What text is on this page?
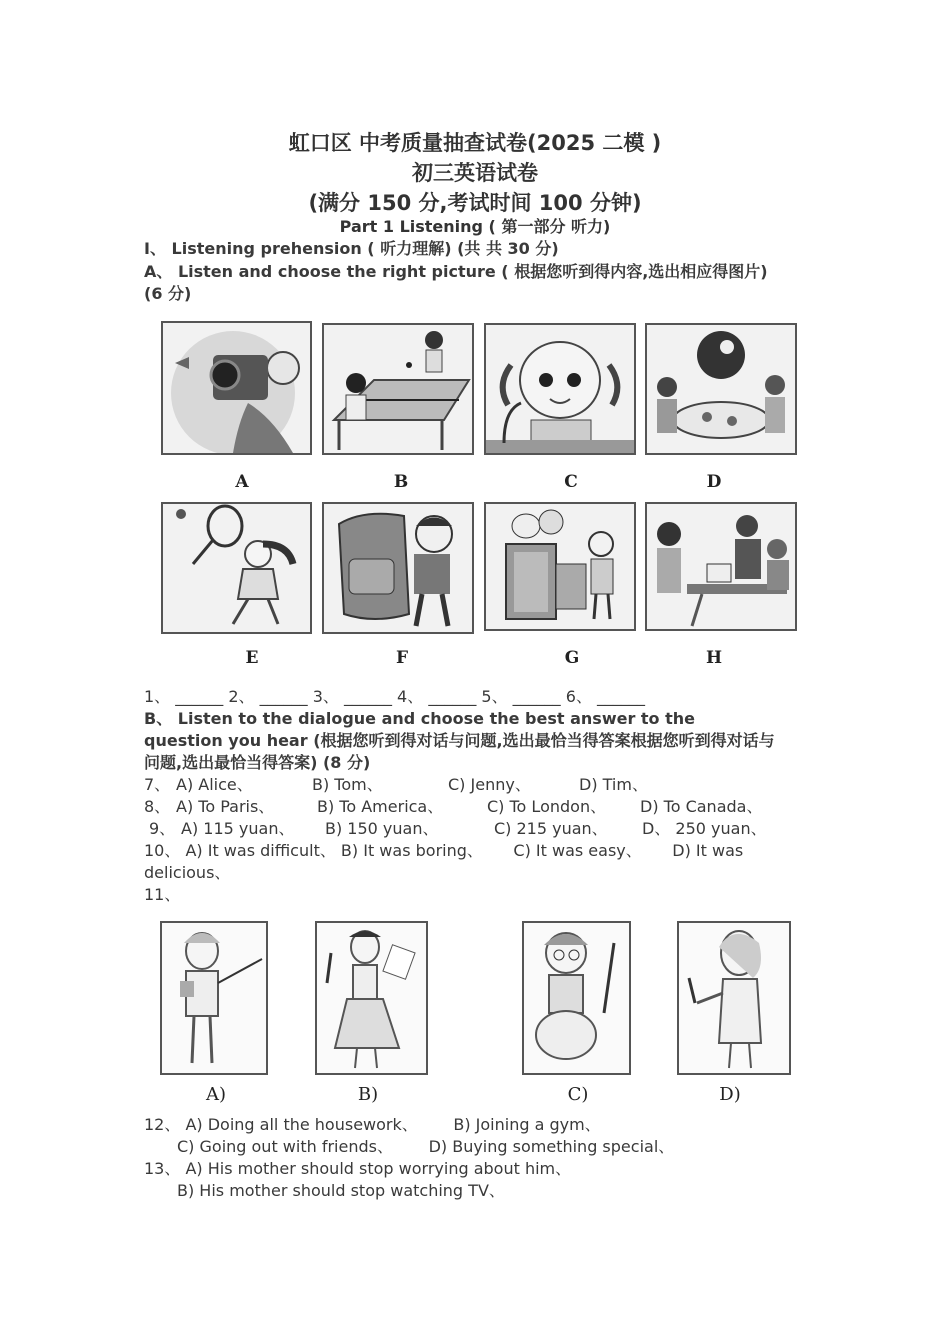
虹口区 中考质量抽查试卷(2025 二模 )
初三英语试卷
(满分 150 分,考试时间 100 分钟)
Part 1 Listening ( 第一部分 听力)
I、 Listening prehension ( 听力理解) (共 共 30 分)
A、 Listen and choose the right picture ( 根据您听到得内容,选出相应得图片)
(6 分)
A	B	C	D
E	F	G	H
1、 ______ 2、 ______ 3、 ______ 4、 ______ 5、 ______ 6、 ______
B、 Listen to the dialogue and choose the best answer to the
question you hear (根据您听到得对话与问题,选出最恰当得答案根据您听到得对话与
问题,选出最恰当得答案) (8 分)
7、 A) Alice、	B) Tom、	C) Jenny、	D) Tim、
8、 A) To Paris、	B) To America、	C) To London、 D) To Canada、
9、 A) 115 yuan、 B) 150 yuan、	C) 215 yuan、 D、 250 yuan、
10、 A) It was difficult、 B) It was boring、      C) It was easy、      D) It was
delicious、
11、
A)	B)	C)	D)
12、 A) Doing all the housework、       B) Joining a gym、
C) Going out with friends、       D) Buying something special、
13、 A) His mother should stop worrying about him、
B) His mother should stop watching TV、
